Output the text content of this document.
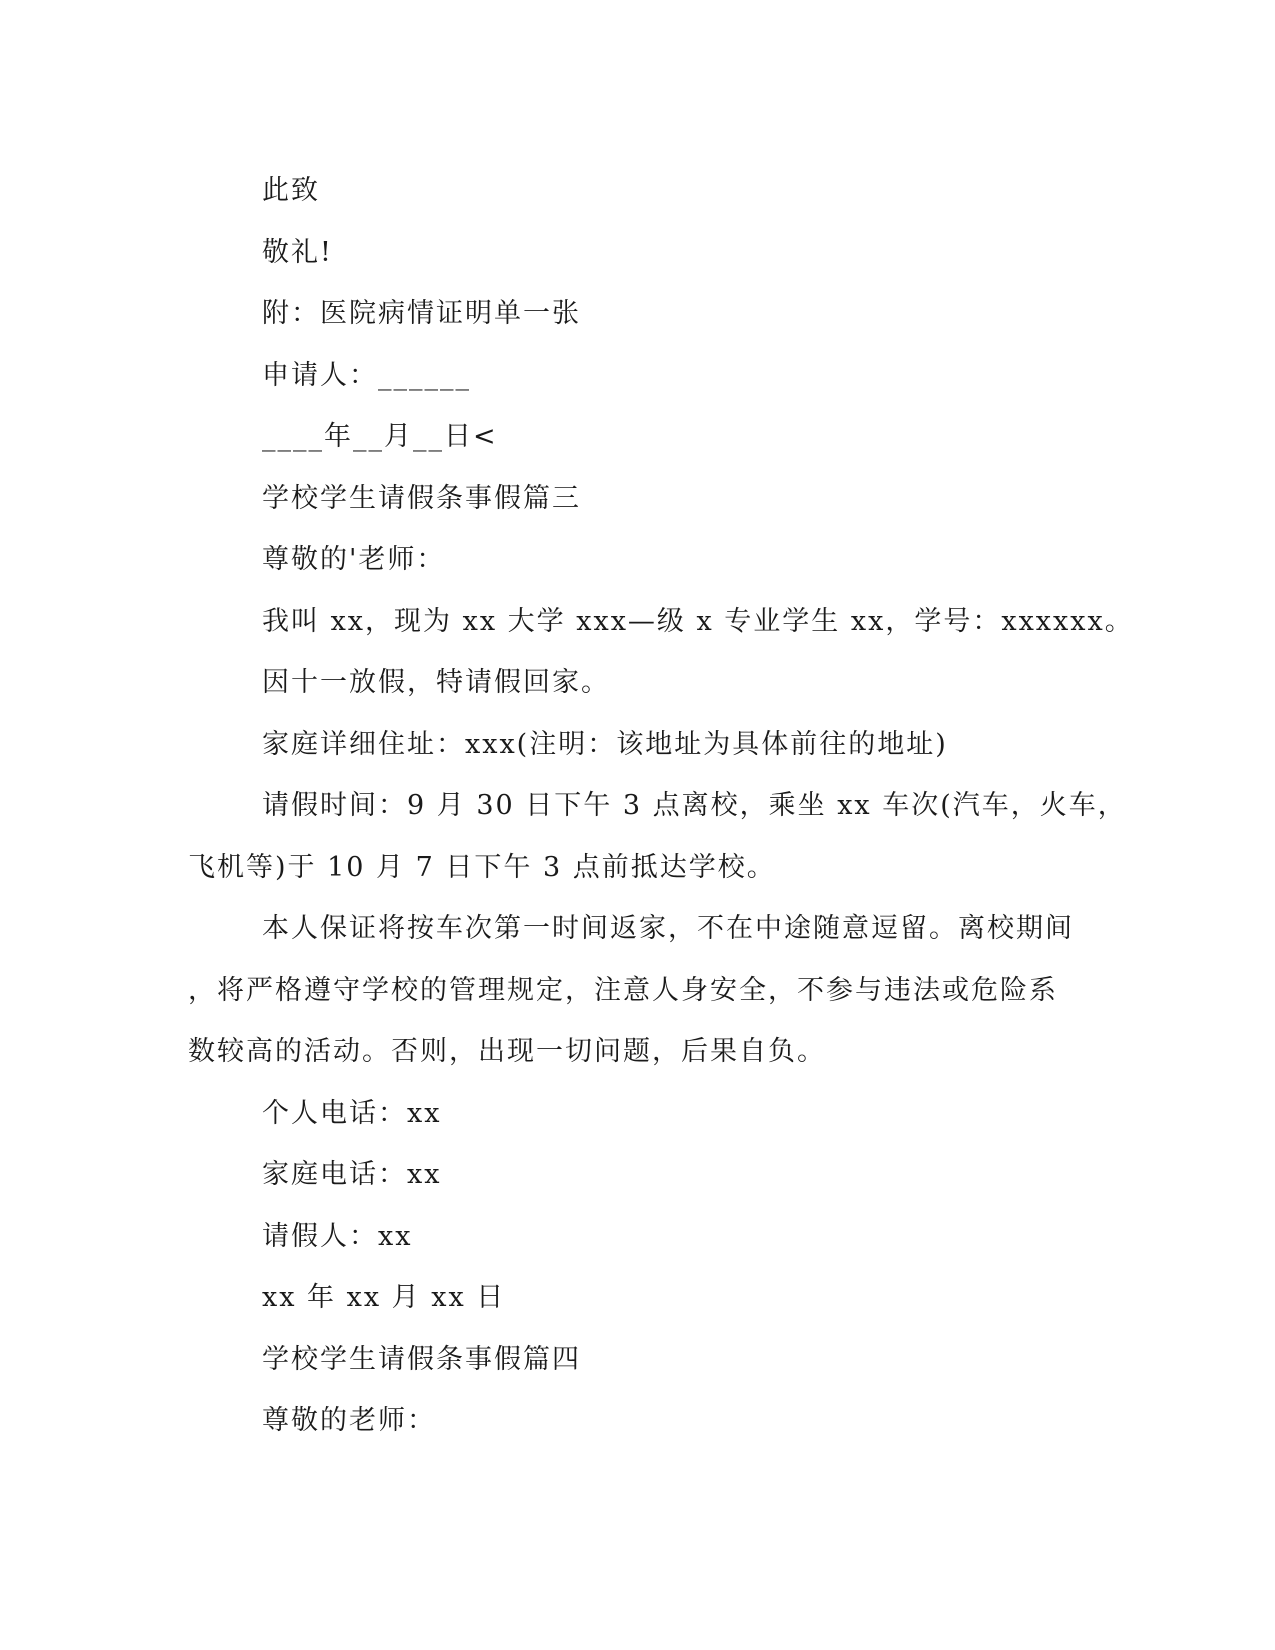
此致
敬礼!
附：医院病情证明单一张
申请人：______
____年__月__日<
学校学生请假条事假篇三
尊敬的'老师：
我叫 xx，现为 xx 大学 xxx—级 x 专业学生 xx，学号：xxxxxx。
因十一放假，特请假回家。
家庭详细住址：xxx(注明：该地址为具体前往的地址)
请假时间：9 月 30 日下午 3 点离校，乘坐 xx 车次(汽车，火车，
飞机等)于 10 月 7 日下午 3 点前抵达学校。
本人保证将按车次第一时间返家，不在中途随意逗留。离校期间
，将严格遵守学校的管理规定，注意人身安全，不参与违法或危险系
数较高的活动。否则，出现一切问题，后果自负。
个人电话：xx
家庭电话：xx
请假人：xx
xx 年 xx 月 xx 日
学校学生请假条事假篇四
尊敬的老师：
